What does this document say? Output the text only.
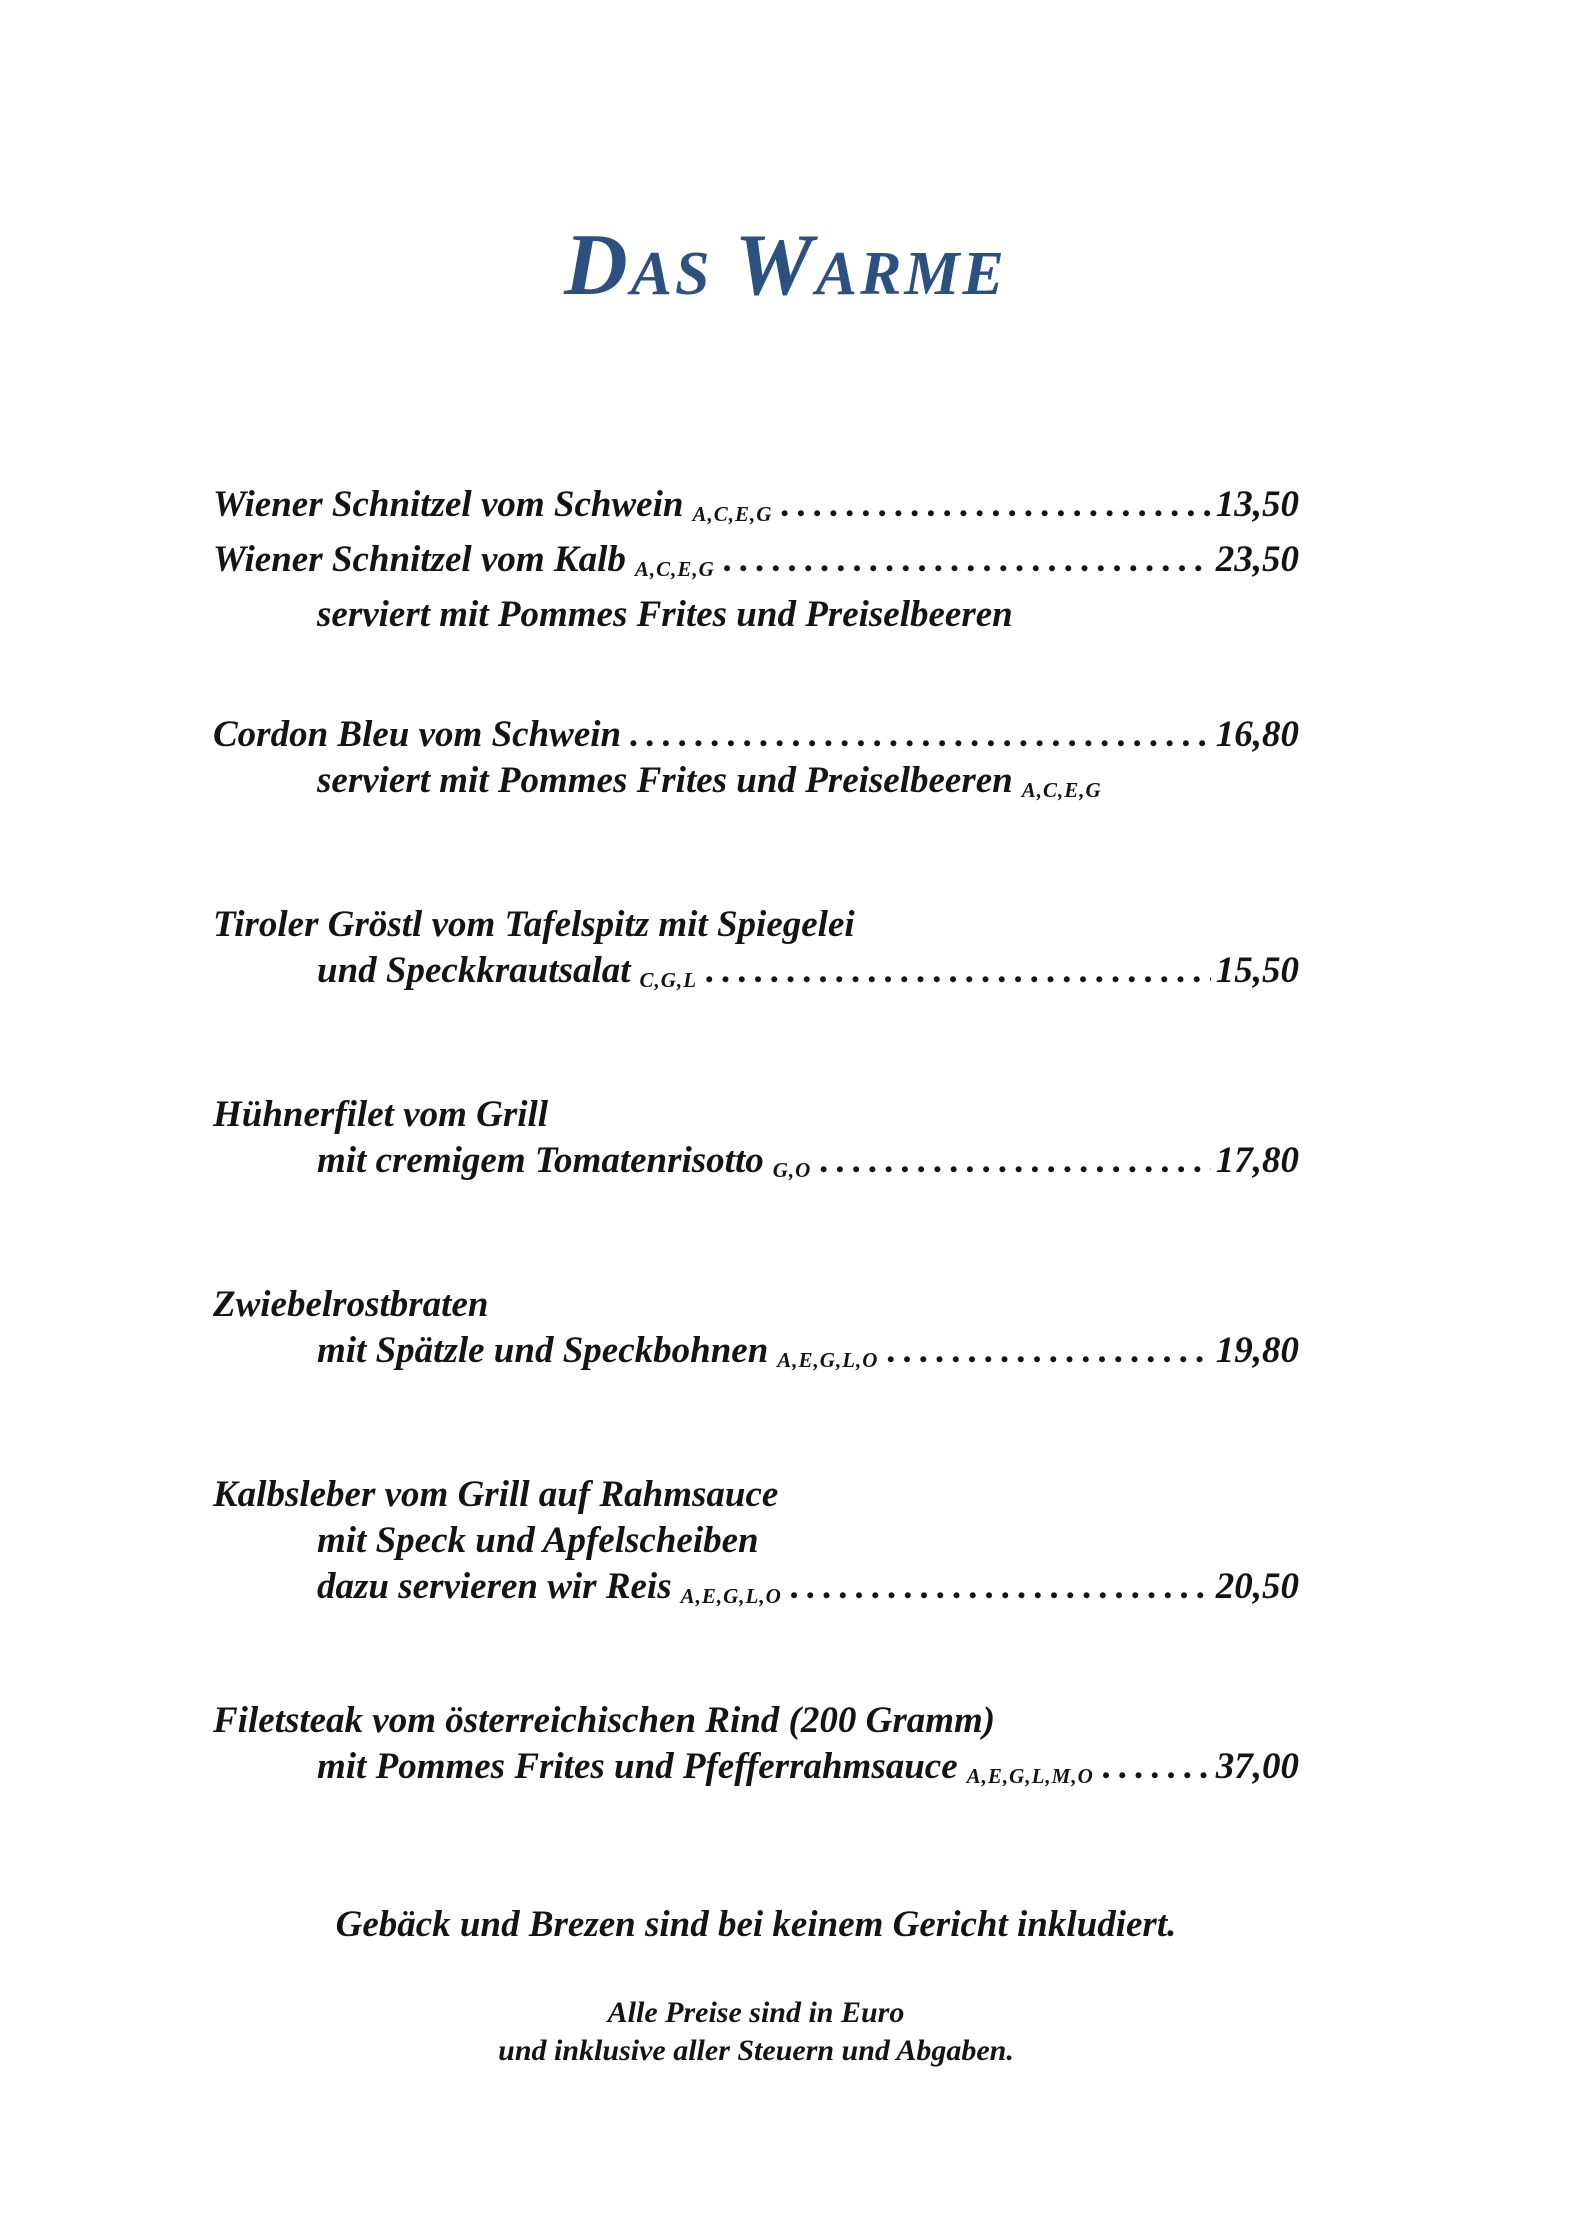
DAS WARME
Wiener Schnitzel vom Schwein $_{A,C,E,G}$ .....	13,50
Wiener Schnitzel vom Kalb $_{A,C,E,G}$ .....	23,50
serviert mit Pommes Frites und Preiselbeeren
Cordon Bleu vom Schwein .....	16,80
serviert mit Pommes Frites und Preiselbeeren $_{A,C,E,G}$
Tiroler Gröstl vom Tafelspitz mit Spiegelei
und Speckkrautsalat $_{C,G,L}$ .....	15,50
Hühnerfilet vom Grill
mit cremigem Tomatenrisotto $_{G,O}$ .....	17,80
Zwiebelrostbraten
mit Spätzle und Speckbohnen $_{A,E,G,L,O}$ .....	19,80
Kalbsleber vom Grill auf Rahmsauce
mit Speck und Apfelscheiben
dazu servieren wir Reis $_{A,E,G,L,O}$ .....	20,50
Filetsteak vom österreichischen Rind (200 Gramm)
mit Pommes Frites und Pfefferrahmsauce $_{A,E,G,L,M,O}$ .....	37,00
Gebäck und Brezen sind bei keinem Gericht inkludiert.
Alle Preise sind in Euro
und inklusive aller Steuern und Abgaben.
